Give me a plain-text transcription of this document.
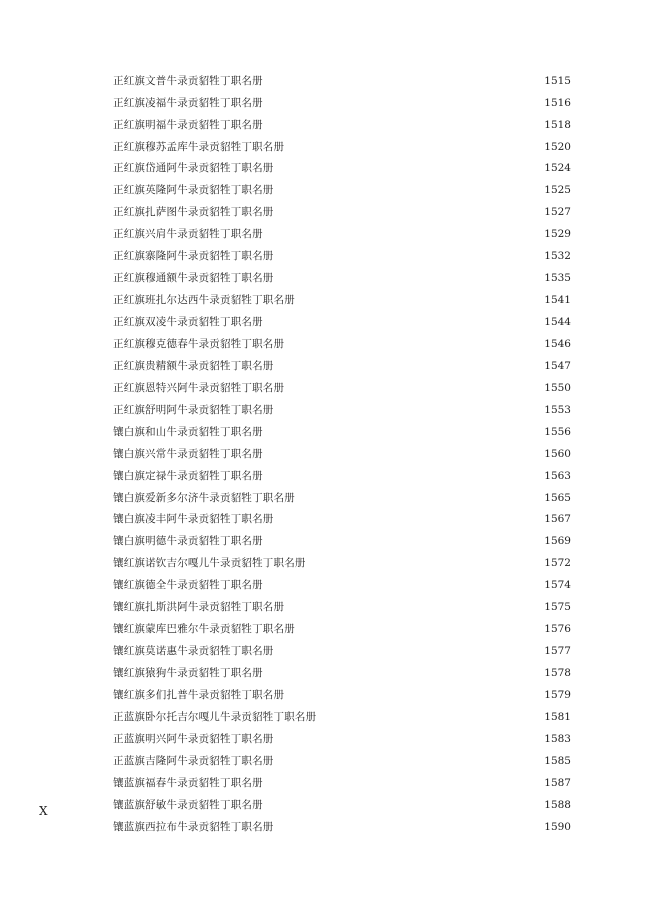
正红旗文普牛录贡貂牲丁职名册	1515
正红旗凌福牛录贡貂牲丁职名册	1516
正红旗明福牛录贡貂牲丁职名册	1518
正红旗穆苏孟库牛录贡貂牲丁职名册	1520
正红旗岱通阿牛录贡貂牲丁职名册	1524
正红旗英隆阿牛录贡貂牲丁职名册	1525
正红旗扎萨图牛录贡貂牲丁职名册	1527
正红旗兴肩牛录贡貂牲丁职名册	1529
正红旗寨隆阿牛录贡貂牲丁职名册	1532
正红旗穆通额牛录贡貂牲丁职名册	1535
正红旗班扎尔达西牛录贡貂牲丁职名册	1541
正红旗双凌牛录贡貂牲丁职名册	1544
正红旗穆克德春牛录贡貂牲丁职名册	1546
正红旗贵精额牛录贡貂牲丁职名册	1547
正红旗恩特兴阿牛录贡貂牲丁职名册	1550
正红旗舒明阿牛录贡貂牲丁职名册	1553
镶白旗和山牛录贡貂牲丁职名册	1556
镶白旗兴常牛录贡貂牲丁职名册	1560
镶白旗定禄牛录贡貂牲丁职名册	1563
镶白旗爱新多尔济牛录贡貂牲丁职名册	1565
镶白旗凌丰阿牛录贡貂牲丁职名册	1567
镶白旗明德牛录贡貂牲丁职名册	1569
镶红旗诺钦吉尔嘎儿牛录贡貂牲丁职名册	1572
镶红旗德全牛录贡貂牲丁职名册	1574
镶红旗扎斯洪阿牛录贡貂牲丁职名册	1575
镶红旗蒙库巴雅尔牛录贡貂牲丁职名册	1576
镶红旗莫诺惠牛录贡貂牲丁职名册	1577
镶红旗猿狗牛录贡貂牲丁职名册	1578
镶红旗多们扎普牛录贡貂牲丁职名册	1579
正蓝旗卧尔托吉尔嘎儿牛录贡貂牲丁职名册	1581
正蓝旗明兴阿牛录贡貂牲丁职名册	1583
正蓝旗吉隆阿牛录贡貂牲丁职名册	1585
镶蓝旗福春牛录贡貂牲丁职名册	1587
镶蓝旗舒敏牛录贡貂牲丁职名册	1588
镶蓝旗西拉布牛录贡貂牲丁职名册	1590
X
